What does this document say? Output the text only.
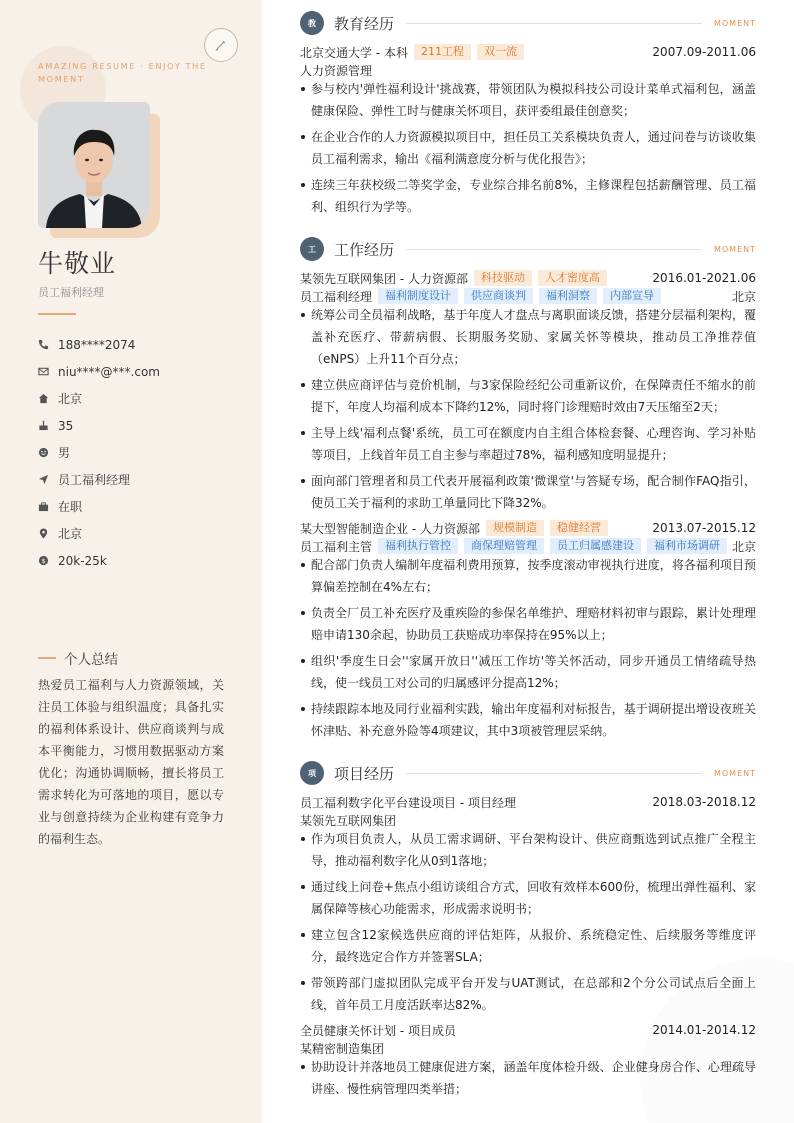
AMAZING RESUME · ENJOY THE MOMENT
牛敬业
员工福利经理
188****2074
niu****@***.com
北京
35
男
员工福利经理
在职
北京
$ 20k-25k
个人总结
热爱员工福利与人力资源领域，关注员工体验与组织温度；具备扎实的福利体系设计、供应商谈判与成本平衡能力，习惯用数据驱动方案优化；沟通协调顺畅，擅长将员工需求转化为可落地的项目，愿以专业与创意持续为企业构建有竞争力的福利生态。
教	教育经历	MOMENT
北京交通大学 - 本科	211工程	双一流	2007.09-2011.06
人力资源管理
参与校内'弹性福利设计'挑战赛，带领团队为模拟科技公司设计菜单式福利包，涵盖健康保险、弹性工时与健康关怀项目，获评委组最佳创意奖；
在企业合作的人力资源模拟项目中，担任员工关系模块负责人，通过问卷与访谈收集员工福利需求，输出《福利满意度分析与优化报告》；
连续三年获校级二等奖学金，专业综合排名前8%，主修课程包括薪酬管理、员工福利、组织行为学等。
工	工作经历	MOMENT
某领先互联网集团 - 人力资源部	科技驱动	人才密度高	2016.01-2021.06
员工福利经理	福利制度设计	供应商谈判	福利洞察	内部宣导	北京
统筹公司全员福利战略，基于年度人才盘点与离职面谈反馈，搭建分层福利架构，覆盖补充医疗、带薪病假、长期服务奖励、家属关怀等模块，推动员工净推荐值（eNPS）上升11个百分点；
建立供应商评估与竞价机制，与3家保险经纪公司重新议价，在保障责任不缩水的前提下，年度人均福利成本下降约12%，同时将门诊理赔时效由7天压缩至2天；
主导上线'福利点餐'系统，员工可在额度内自主组合体检套餐、心理咨询、学习补贴等项目，上线首年员工自主参与率超过78%，福利感知度明显提升；
面向部门管理者和员工代表开展福利政策'微课堂'与答疑专场，配合制作FAQ指引，使员工关于福利的求助工单量同比下降32%。
某大型智能制造企业 - 人力资源部	规模制造	稳健经营	2013.07-2015.12
员工福利主管	福利执行管控	商保理赔管理	员工归属感建设	福利市场调研 北京
配合部门负责人编制年度福利费用预算，按季度滚动审视执行进度，将各福利项目预算偏差控制在4%左右；
负责全厂员工补充医疗及重疾险的参保名单维护、理赔材料初审与跟踪，累计处理理赔申请130余起，协助员工获赔成功率保持在95%以上；
组织'季度生日会''家属开放日''减压工作坊'等关怀活动，同步开通员工情绪疏导热线，使一线员工对公司的归属感评分提高12%；
持续跟踪本地及同行业福利实践，输出年度福利对标报告，基于调研提出增设夜班关怀津贴、补充意外险等4项建议，其中3项被管理层采纳。
项	项目经历	MOMENT
员工福利数字化平台建设项目 - 项目经理	2018.03-2018.12
某领先互联网集团
作为项目负责人，从员工需求调研、平台架构设计、供应商甄选到试点推广全程主导，推动福利数字化从0到1落地；
通过线上问卷+焦点小组访谈组合方式，回收有效样本600份，梳理出弹性福利、家属保障等核心功能需求，形成需求说明书；
建立包含12家候选供应商的评估矩阵，从报价、系统稳定性、后续服务等维度评分，最终选定合作方并签署SLA；
带领跨部门虚拟团队完成平台开发与UAT测试，在总部和2个分公司试点后全面上线，首年员工月度活跃率达82%。
全员健康关怀计划 - 项目成员	2014.01-2014.12
某精密制造集团
协助设计并落地员工健康促进方案，涵盖年度体检升级、企业健身房合作、心理疏导讲座、慢性病管理四类举措；
